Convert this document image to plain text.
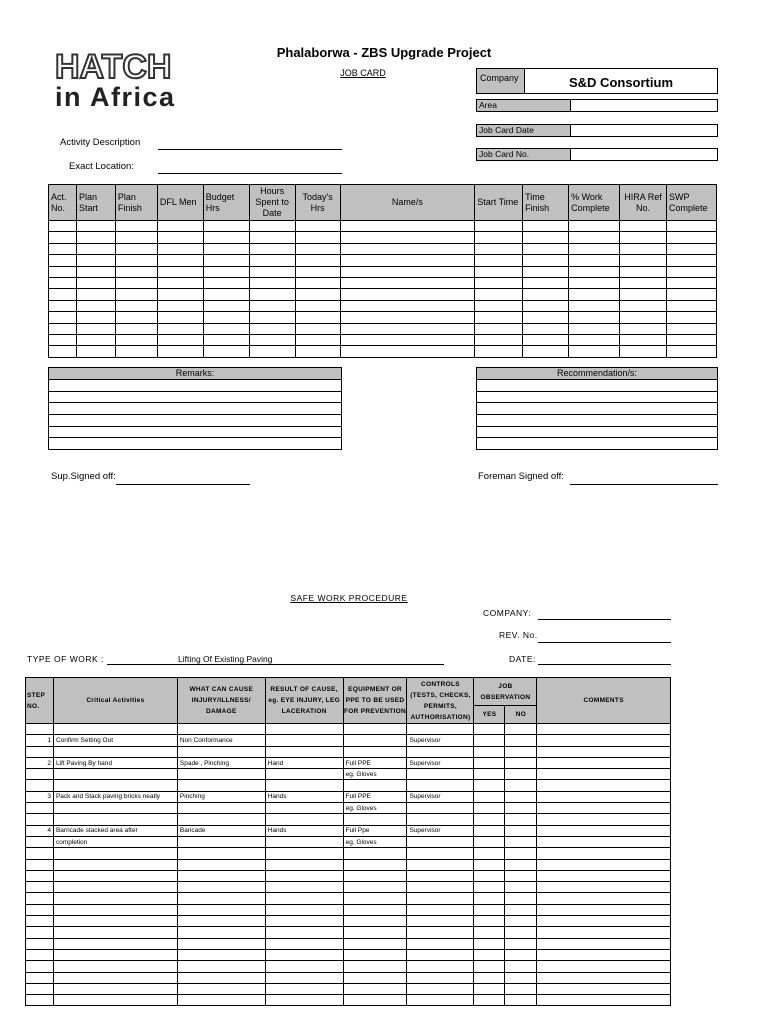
HATCH
in Africa
Phalaborwa - ZBS Upgrade Project
JOB CARD	Company	S&D Consortium
Area
Job Card Date
Job Card No.
Activity Description
Exact Location:
Act. No.	Plan Start	Plan Finish	DFL Men	Budget Hrs	Hours Spent to Date	Today's Hrs	Name/s	Start Time	Time Finish	% Work Complete	HIRA Ref No.	SWP Complete

Remarks:	Recommendation/s:
Sup.Signed off:	Foreman Signed off:
SAFE WORK PROCEDURE
COMPANY:
REV. No.
TYPE OF WORK :	Lifting Of Existing Paving	DATE:
STEP NO.	Critical Activities	WHAT CAN CAUSE INJURY/ILLNESS/ DAMAGE	RESULT OF CAUSE, eg. EYE INJURY, LEG LACERATION	EQUIPMENT OR PPE TO BE USED FOR PREVENTION	CONTROLS (TESTS, CHECKS, PERMITS, AUTHORISATION)	JOB OBSERVATION		COMMENTS
						YES	NO	

1	Confirm Setting Out	Non Conformance			Supervisor			

2	Lift Paving By hand	Spade , Pinching	Hand	Full PPE	Supervisor			
				eg. Gloves				

3	Pack and Stack paving bricks neatly	Pinching	Hands	Full PPE	Supervisor			
				eg. Gloves				

4	Barricade stacked area after	Baricade	Hands	Full Ppe	Supervisor			
	completion			eg. Gloves				
